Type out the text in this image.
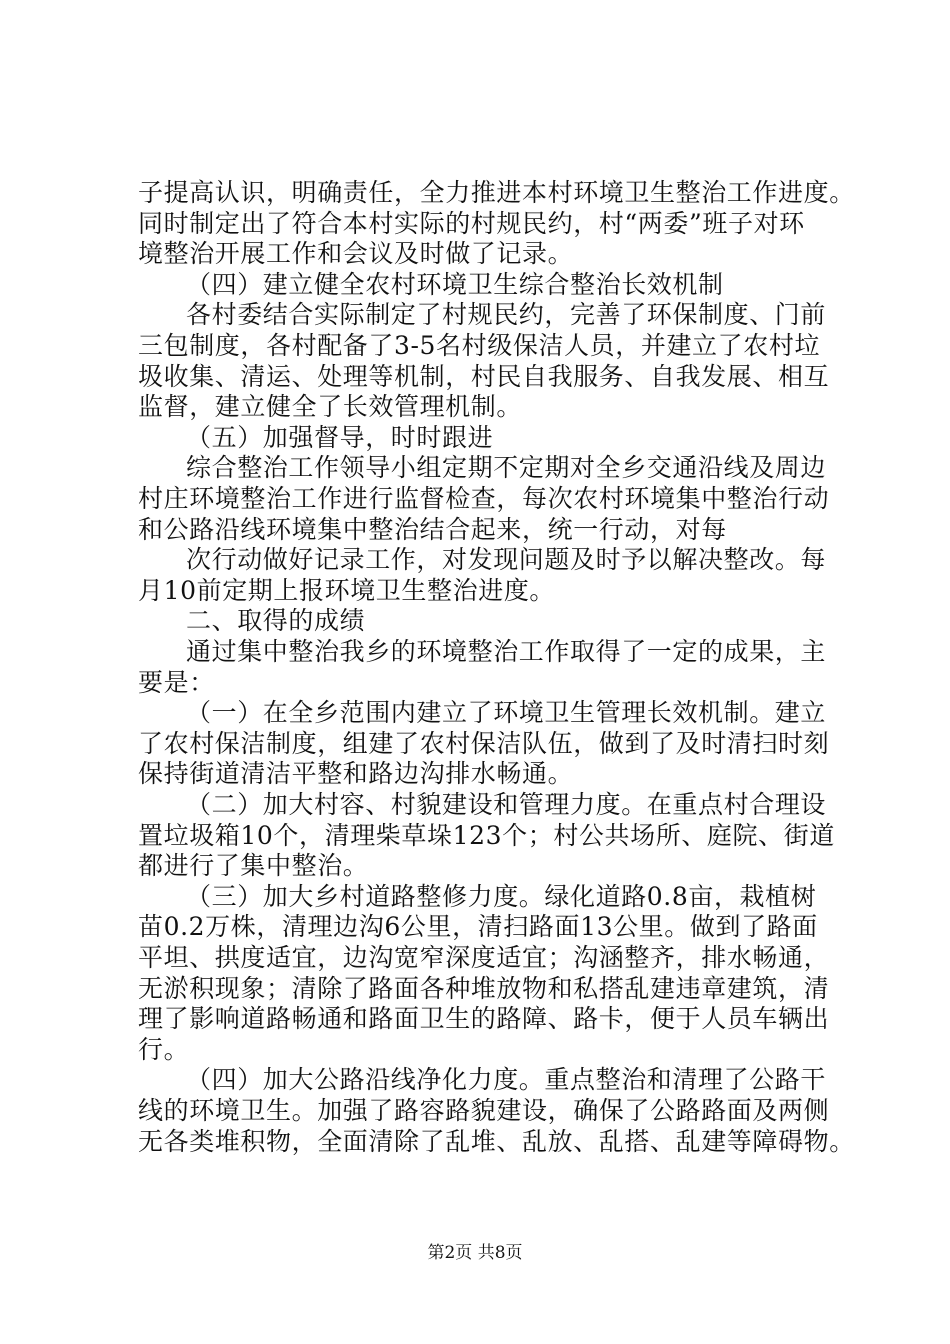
子提高认识，明确责任，全力推进本村环境卫生整治工作进度。
同时制定出了符合本村实际的村规民约，村“两委”班子对环
境整治开展工作和会议及时做了记录。
（四）建立健全农村环境卫生综合整治长效机制
各村委结合实际制定了村规民约，完善了环保制度、门前
三包制度，各村配备了3-5名村级保洁人员，并建立了农村垃
圾收集、清运、处理等机制，村民自我服务、自我发展、相互
监督，建立健全了长效管理机制。
（五）加强督导，时时跟进
综合整治工作领导小组定期不定期对全乡交通沿线及周边
村庄环境整治工作进行监督检查，每次农村环境集中整治行动
和公路沿线环境集中整治结合起来，统一行动，对每
次行动做好记录工作，对发现问题及时予以解决整改。每
月10前定期上报环境卫生整治进度。
二、取得的成绩
通过集中整治我乡的环境整治工作取得了一定的成果，主
要是：
（一）在全乡范围内建立了环境卫生管理长效机制。建立
了农村保洁制度，组建了农村保洁队伍，做到了及时清扫时刻
保持街道清洁平整和路边沟排水畅通。
（二）加大村容、村貌建设和管理力度。在重点村合理设
置垃圾箱10个，清理柴草垛123个；村公共场所、庭院、街道
都进行了集中整治。
（三）加大乡村道路整修力度。绿化道路0.8亩，栽植树
苗0.2万株，清理边沟6公里，清扫路面13公里。做到了路面
平坦、拱度适宜，边沟宽窄深度适宜；沟涵整齐，排水畅通，
无淤积现象；清除了路面各种堆放物和私搭乱建违章建筑，清
理了影响道路畅通和路面卫生的路障、路卡，便于人员车辆出
行。
（四）加大公路沿线净化力度。重点整治和清理了公路干
线的环境卫生。加强了路容路貌建设，确保了公路路面及两侧
无各类堆积物，全面清除了乱堆、乱放、乱搭、乱建等障碍物。
第2页 共8页
